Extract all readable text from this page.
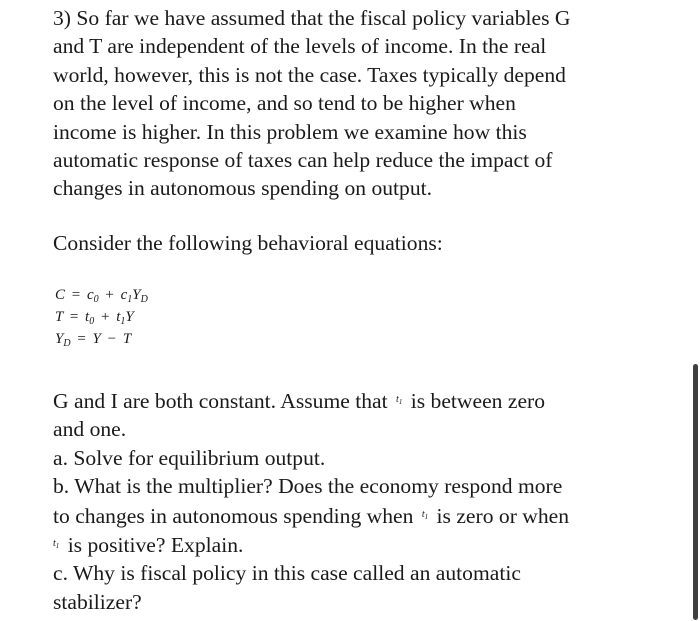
3) So far we have assumed that the fiscal policy variables G
and T are independent of the levels of income. In the real
world, however, this is not the case. Taxes typically depend
on the level of income, and so tend to be higher when
income is higher. In this problem we examine how this
automatic response of taxes can help reduce the impact of
changes in autonomous spending on output.

Consider the following behavioral equations:

$C = c_0 + c_1Y_D$
$T = t_0 + t_1Y$
$Y_D = Y - T$
G and I are both constant. Assume that $^{t_1}$ is between zero
and one.
a. Solve for equilibrium output.
b. What is the multiplier? Does the economy respond more
to changes in autonomous spending when $^{t_1}$ is zero or when
$^{t_1}$ is positive? Explain.
c. Why is fiscal policy in this case called an automatic
stabilizer?
